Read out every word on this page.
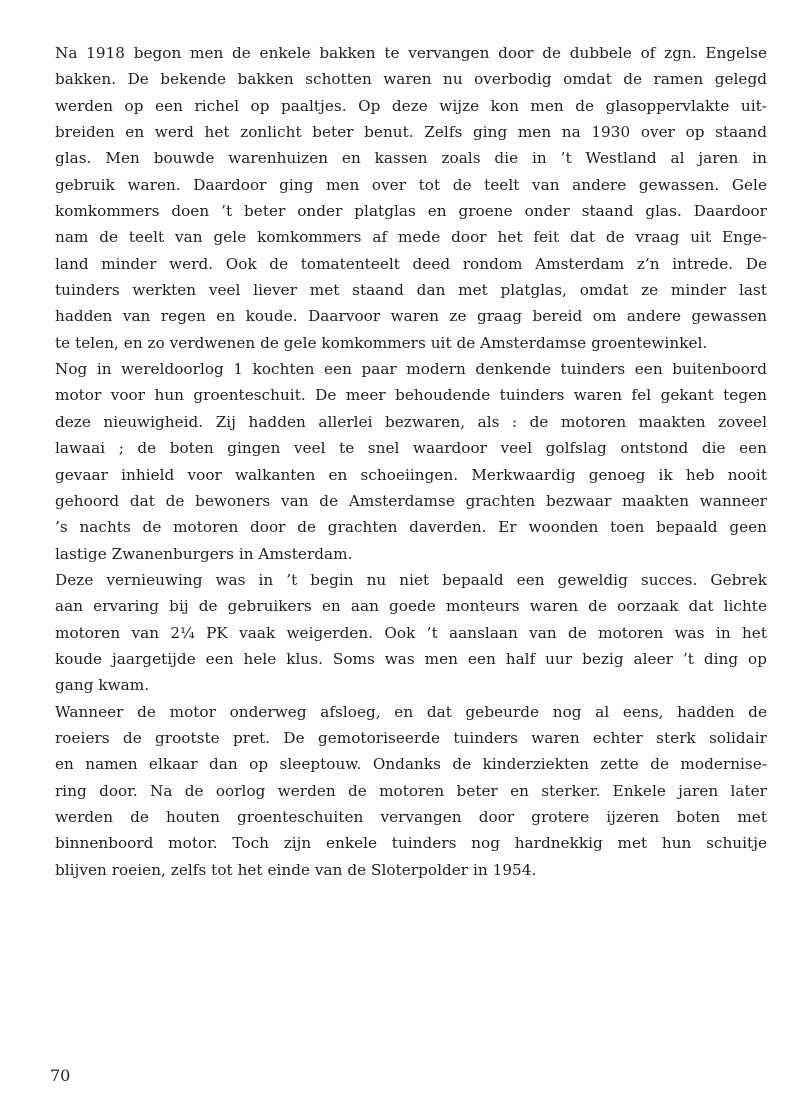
Na 1918 begon men de enkele bakken te vervangen door de dubbele of zgn. Engelse
bakken. De bekende bakken schotten waren nu overbodig omdat de ramen gelegd
werden op een richel op paaltjes. Op deze wijze kon men de glasoppervlakte uit-
breiden en werd het zonlicht beter benut. Zelfs ging men na 1930 over op staand
glas. Men bouwde warenhuizen en kassen zoals die in ’t Westland al jaren in
gebruik waren. Daardoor ging men over tot de teelt van andere gewassen. Gele
komkommers doen ’t beter onder platglas en groene onder staand glas. Daardoor
nam de teelt van gele komkommers af mede door het feit dat de vraag uit Enge-
land minder werd. Ook de tomatenteelt deed rondom Amsterdam z’n intrede. De
tuinders werkten veel liever met staand dan met platglas, omdat ze minder last
hadden van regen en koude. Daarvoor waren ze graag bereid om andere gewassen
te telen, en zo verdwenen de gele komkommers uit de Amsterdamse groentewinkel.
Nog in wereldoorlog 1 kochten een paar modern denkende tuinders een buitenboord
motor voor hun groenteschuit. De meer behoudende tuinders waren fel gekant tegen
deze nieuwigheid. Zij hadden allerlei bezwaren, als : de motoren maakten zoveel
lawaai ; de boten gingen veel te snel waardoor veel golfslag ontstond die een
gevaar inhield voor walkanten en schoeiingen. Merkwaardig genoeg ik heb nooit
gehoord dat de bewoners van de Amsterdamse grachten bezwaar maakten wanneer
’s nachts de motoren door de grachten daverden. Er woonden toen bepaald geen
lastige Zwanenburgers in Amsterdam.
Deze vernieuwing was in ’t begin nu niet bepaald een geweldig succes. Gebrek
aan ervaring bij de gebruikers en aan goede monteurs waren de oorzaak dat lichte
motoren van 2¼ PK vaak weigerden. Ook ’t aanslaan van de motoren was in het
koude jaargetijde een hele klus. Soms was men een half uur bezig aleer ’t ding op
gang kwam.
Wanneer de motor onderweg afsloeg, en dat gebeurde nog al eens, hadden de
roeiers de grootste pret. De gemotoriseerde tuinders waren echter sterk solidair
en namen elkaar dan op sleeptouw. Ondanks de kinderziekten zette de modernise-
ring door. Na de oorlog werden de motoren beter en sterker. Enkele jaren later
werden de houten groenteschuiten vervangen door grotere ijzeren boten met
binnenboord motor. Toch zijn enkele tuinders nog hardnekkig met hun schuitje
blijven roeien, zelfs tot het einde van de Sloterpolder in 1954.
70
